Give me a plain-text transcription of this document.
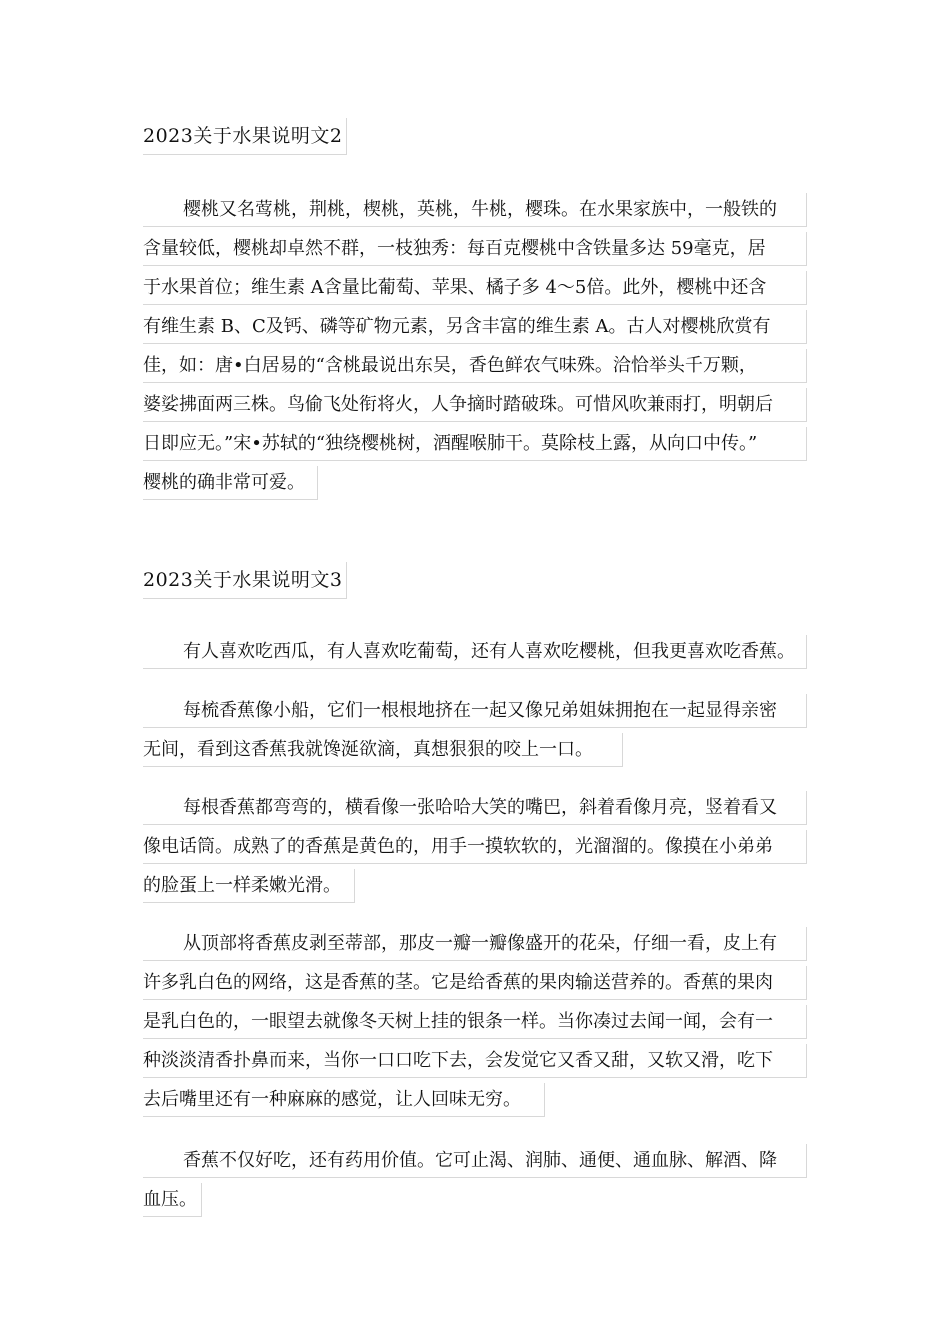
2023关于水果说明文2
樱桃又名莺桃，荆桃，楔桃，英桃，牛桃，樱珠。在水果家族中，一般铁的
含量较低，樱桃却卓然不群，一枝独秀：每百克樱桃中含铁量多达 59毫克，居
于水果首位；维生素 A含量比葡萄、苹果、橘子多 4～5倍。此外，樱桃中还含
有维生素 B、C及钙、磷等矿物元素，另含丰富的维生素 A。古人对樱桃欣赏有
佳，如：唐•白居易的“含桃最说出东吴，香色鲜农气味殊。洽恰举头千万颗，
婆娑拂面两三株。鸟偷飞处衔将火，人争摘时踏破珠。可惜风吹兼雨打，明朝后
日即应无。”宋•苏轼的“独绕樱桃树，酒醒喉肺干。莫除枝上露，从向口中传。”
樱桃的确非常可爱。
2023关于水果说明文3
有人喜欢吃西瓜，有人喜欢吃葡萄，还有人喜欢吃樱桃，但我更喜欢吃香蕉。
每梳香蕉像小船，它们一根根地挤在一起又像兄弟姐妹拥抱在一起显得亲密
无间，看到这香蕉我就馋涎欲滴，真想狠狠的咬上一口。
每根香蕉都弯弯的，横看像一张哈哈大笑的嘴巴，斜着看像月亮，竖着看又
像电话筒。成熟了的香蕉是黄色的，用手一摸软软的，光溜溜的。像摸在小弟弟
的脸蛋上一样柔嫩光滑。
从顶部将香蕉皮剥至蒂部，那皮一瓣一瓣像盛开的花朵，仔细一看，皮上有
许多乳白色的网络，这是香蕉的茎。它是给香蕉的果肉输送营养的。香蕉的果肉
是乳白色的，一眼望去就像冬天树上挂的银条一样。当你凑过去闻一闻，会有一
种淡淡清香扑鼻而来，当你一口口吃下去，会发觉它又香又甜，又软又滑，吃下
去后嘴里还有一种麻麻的感觉，让人回味无穷。
香蕉不仅好吃，还有药用价值。它可止渴、润肺、通便、通血脉、解酒、降
血压。
